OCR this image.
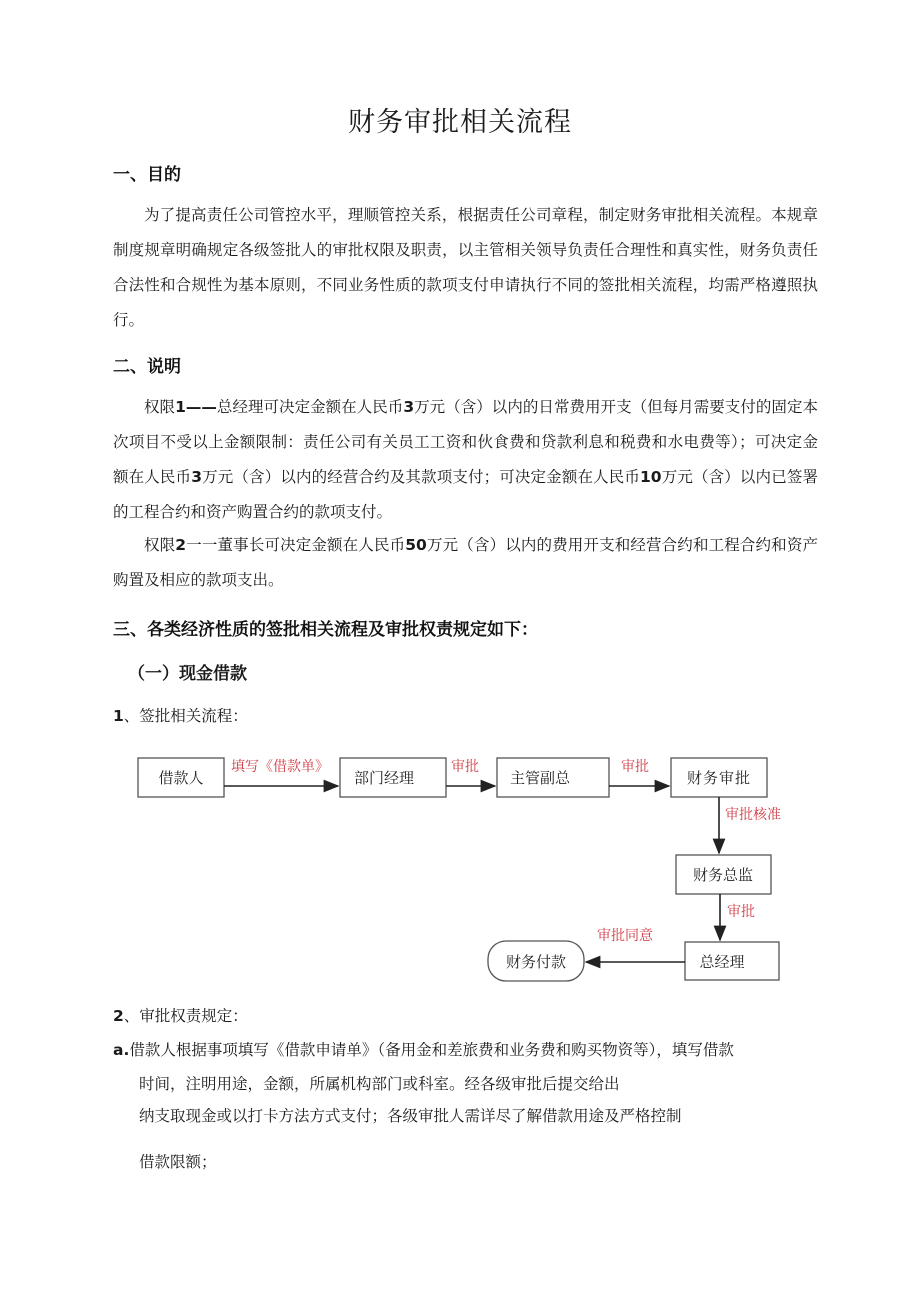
财务审批相关流程
一、目的

为了提高责任公司管控水平，理顺管控关系，根据责任公司章程，制定财务审批相关流程。本规章制度规章明确规定各级签批人的审批权限及职责，以主管相关领导负责任合理性和真实性，财务负责任合法性和合规性为基本原则，不同业务性质的款项支付申请执行不同的签批相关流程，均需严格遵照执行。

二、说明

权限1——总经理可决定金额在人民币3万元（含）以内的日常费用开支（但每月需要支付的固定本次项目不受以上金额限制：责任公司有关员工工资和伙食费和贷款利息和税费和水电费等）；可决定金额在人民币3万元（含）以内的经营合约及其款项支付；可决定金额在人民币10万元（含）以内已签署的工程合约和资产购置合约的款项支付。

权限2一一董事长可决定金额在人民币50万元（含）以内的费用开支和经营合约和工程合约和资产购置及相应的款项支出。

三、各类经济性质的签批相关流程及审批权责规定如下：
（一）现金借款

1、签批相关流程：

借款人	部门经理	主管副总	财务审批
财务总监
总经理
财务付款
填写《借款单》	审批	审批
审批核准
审批
审批同意

2、审批权责规定：

a.借款人根据事项填写《借款申请单》（备用金和差旅费和业务费和购买物资等），填写借款

时间，注明用途，金额，所属机构部门或科室。经各级审批后提交给出

纳支取现金或以打卡方法方式支付；各级审批人需详尽了解借款用途及严格控制

借款限额；
